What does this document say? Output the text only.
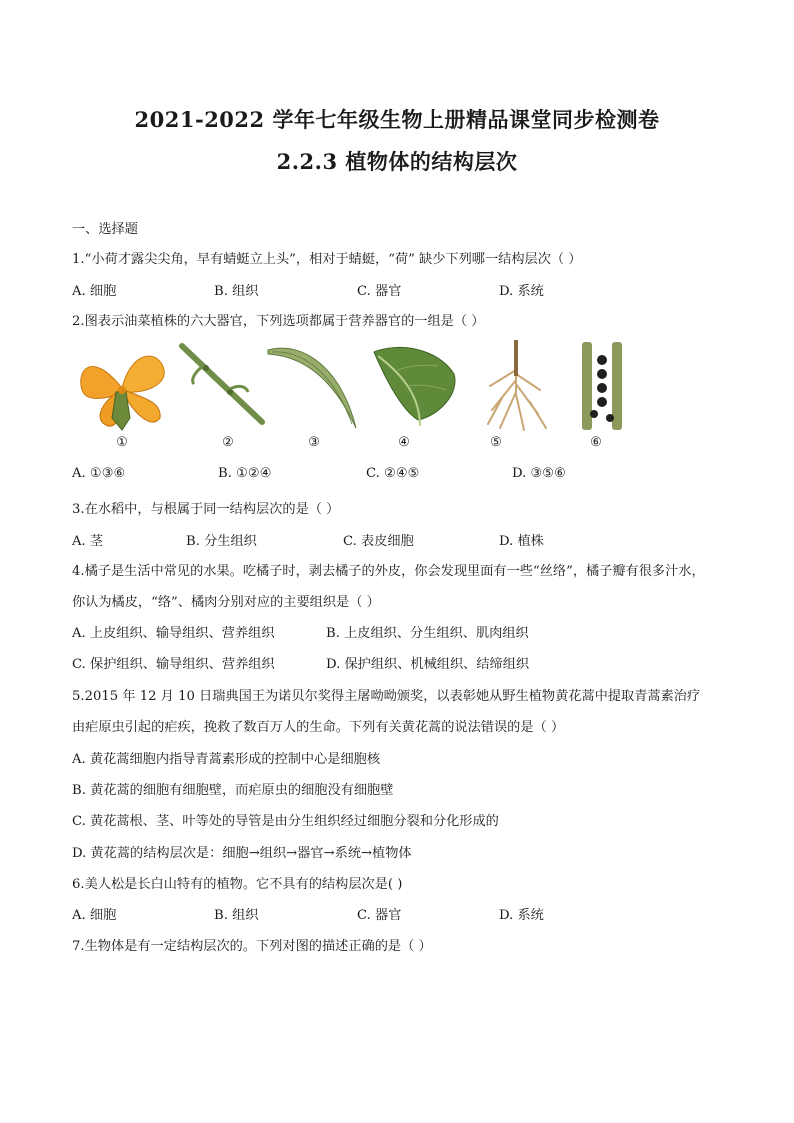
2021-2022 学年七年级生物上册精品课堂同步检测卷
2.2.3 植物体的结构层次
一、选择题
1.“小荷才露尖尖角，早有蜻蜓立上头”，相对于蜻蜓，“荷” 缺少下列哪一结构层次（ ）
A. 细胞	B. 组织	C. 器官	D. 系统
2.图表示油菜植株的六大器官，下列选项都属于营养器官的一组是（ ）
①	②	③	④	⑤	⑥
A. ①③⑥	B. ①②④	C. ②④⑤	D. ③⑤⑥
3.在水稻中，与根属于同一结构层次的是（ ）
A. 茎	B. 分生组织	C. 表皮细胞	D. 植株
4.橘子是生活中常见的水果。吃橘子时，剥去橘子的外皮，你会发现里面有一些“丝络”，橘子瓣有很多汁水，
你认为橘皮，“络”、橘肉分别对应的主要组织是（ ）
A. 上皮组织、输导组织、营养组织	B. 上皮组织、分生组织、肌肉组织
C. 保护组织、输导组织、营养组织	D. 保护组织、机械组织、结缔组织
5.2015 年 12 月 10 日瑞典国王为诺贝尔奖得主屠呦呦颁奖，以表彰她从野生植物黄花蒿中提取青蒿素治疗
由疟原虫引起的疟疾，挽救了数百万人的生命。下列有关黄花蒿的说法错误的是（ ）
A. 黄花蒿细胞内指导青蒿素形成的控制中心是细胞核
B. 黄花蒿的细胞有细胞壁，而疟原虫的细胞没有细胞壁
C. 黄花蒿根、茎、叶等处的导管是由分生组织经过细胞分裂和分化形成的
D. 黄花蒿的结构层次是：细胞→组织→器官→系统→植物体
6.美人松是长白山特有的植物。它不具有的结构层次是( )
A. 细胞	B. 组织	C. 器官	D. 系统
7.生物体是有一定结构层次的。下列对图的描述正确的是（ ）
